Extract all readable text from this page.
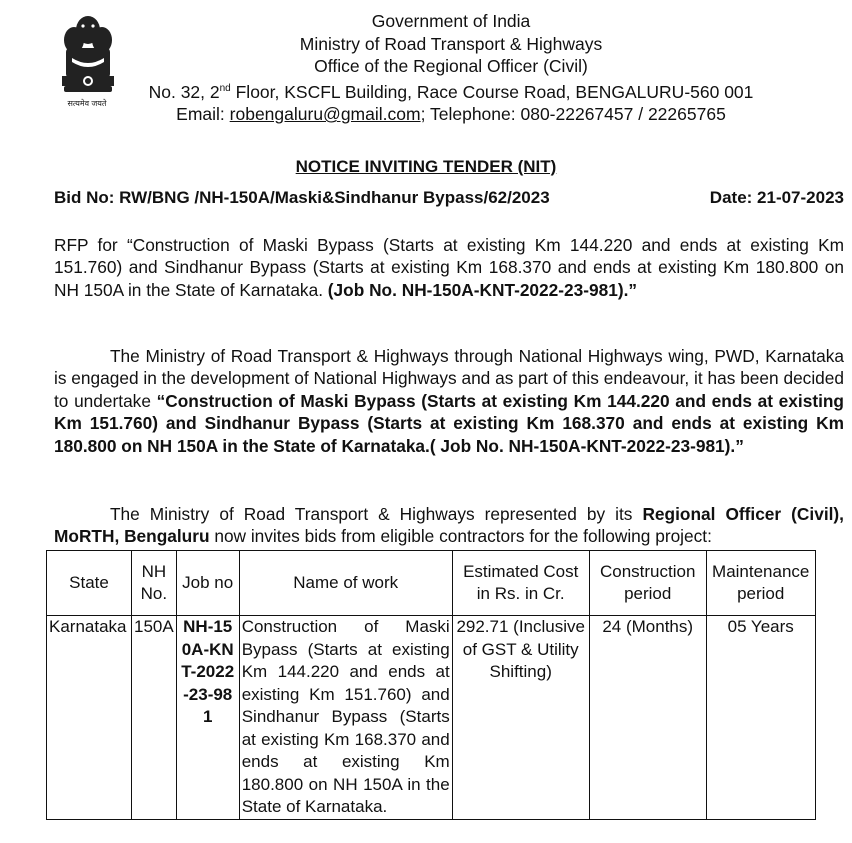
सत्यमेव जयते
Government of India
Ministry of Road Transport & Highways
Office of the Regional Officer (Civil)
No. 32, 2nd Floor, KSCFL Building, Race Course Road, BENGALURU-560 001
Email: robengaluru@gmail.com; Telephone: 080-22267457 / 22265765
NOTICE INVITING TENDER (NIT)
Bid No: RW/BNG /NH-150A/Maski&Sindhanur Bypass/62/2023	Date: 21-07-2023
RFP for “Construction of Maski Bypass (Starts at existing Km 144.220 and ends at existing Km 151.760) and Sindhanur Bypass (Starts at existing Km 168.370 and ends at existing Km 180.800 on NH 150A in the State of Karnataka. (Job No. NH-150A-KNT-2022-23-981).”
The Ministry of Road Transport & Highways through National Highways wing, PWD, Karnataka is engaged in the development of National Highways and as part of this endeavour, it has been decided to undertake “Construction of Maski Bypass (Starts at existing Km 144.220 and ends at existing Km 151.760) and Sindhanur Bypass (Starts at existing Km 168.370 and ends at existing Km 180.800 on NH 150A in the State of Karnataka.( Job No. NH-150A-KNT-2022-23-981).”
The Ministry of Road Transport & Highways represented by its Regional Officer (Civil), MoRTH, Bengaluru now invites bids from eligible contractors for the following project:
State	NH No.	Job no	Name of work	Estimated Cost in Rs. in Cr.	Construction period	Maintenance period
Karnataka	150A	NH-150A-KNT-2022-23-981	Construction of Maski Bypass (Starts at existing Km 144.220 and ends at existing Km 151.760) and Sindhanur Bypass (Starts at existing Km 168.370 and ends at existing Km 180.800 on NH 150A in the State of Karnataka.	292.71 (Inclusive of GST & Utility Shifting)	24 (Months)	05 Years
